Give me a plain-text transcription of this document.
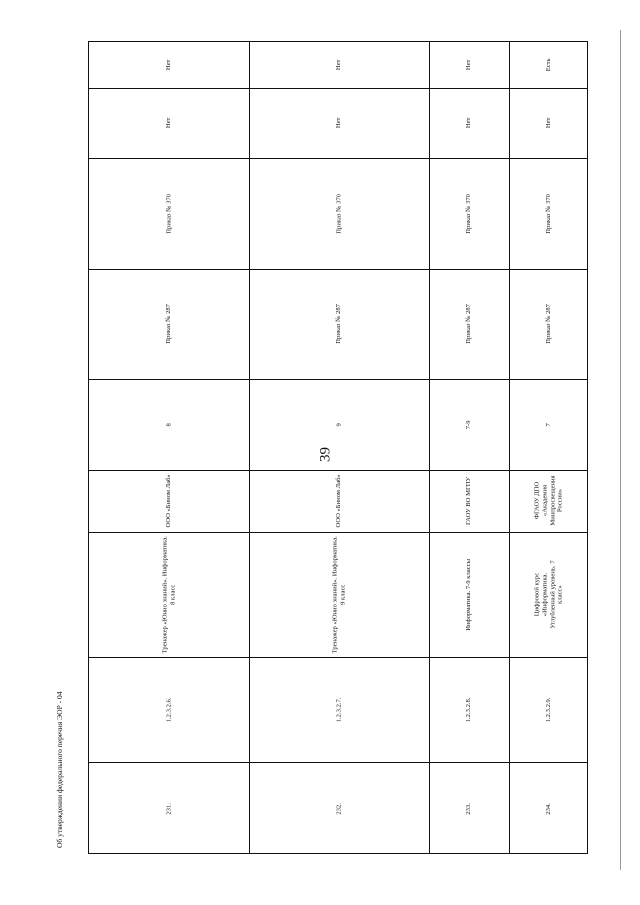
39
231.
1.2.3.2.6.
Тренажер «Юнио знаний». Информатика. 8 класс
ООО «Бином Лаб»
8
Приказ № 287
Приказ № 370
Нет
Нет
232.
1.2.3.2.7.
Тренажер «Юнио знаний». Информатика. 9 класс
ООО «Бином Лаб»
9
Приказ № 287
Приказ № 370
Нет
Нет
233.
1.2.3.2.8.
Информатика. 7-9 классы
ГАОУ ВО МГПУ
7-9
Приказ № 287
Приказ № 370
Нет
Нет
234.
1.2.3.2.9.
Цифровой курс «Информатика. Углубленный уровень. 7 класс»
ФГАОУ ДПО «Академия Минпросвещения России»
7
Приказ № 287
Приказ № 370
Нет
Есть
Об утверждении федерального перечня ЭОР - 04
